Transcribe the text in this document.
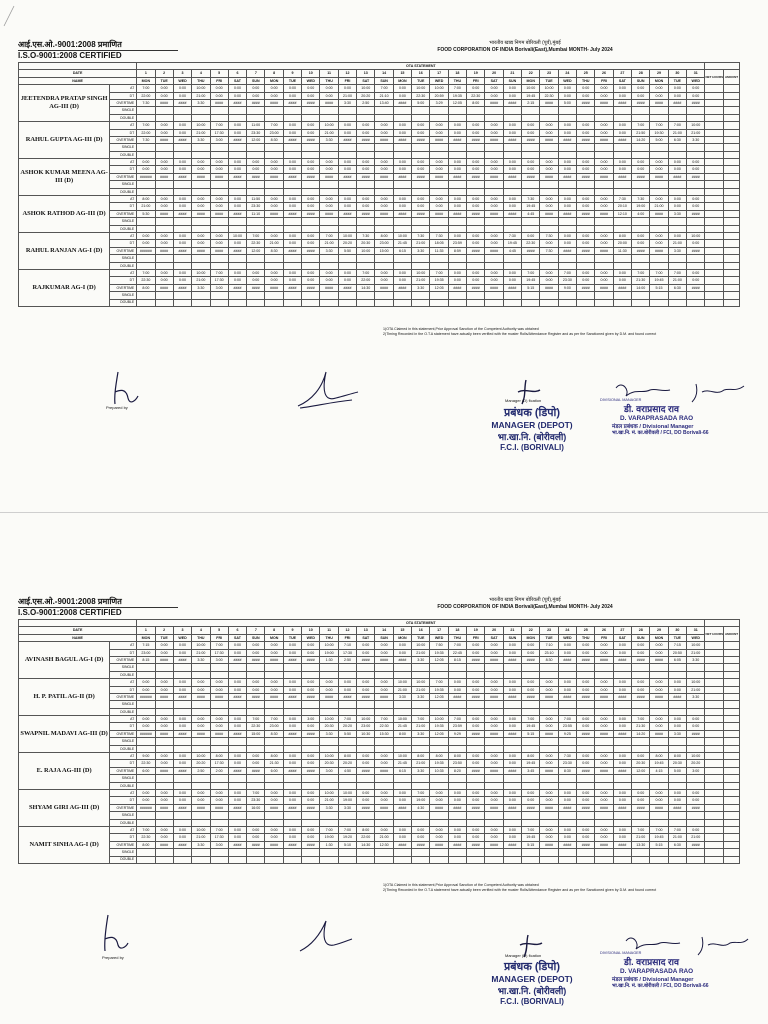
आई.एस.ओ.-9001:2008 प्रमाणित
I.S.O-9001:2008 CERTIFIED
भारतीय खाद्य निगम बोरिवली (पूर्व),मुंबई
FOOD CORPORATION OF INDIA Borivali(East),Mumbai MONTH- July 2024
		OTA STATEMENT																																
DATE		1	2	3	4	5	6	7	8	9	10	11	12	13	14	15	16	17	18	19	20	21	22	23	24	25	26	27	28	29	30	31	NET HOURS	AMOUNT
NAME		MON	TUE	WED	THU	FRI	SAT	SUN	MON	TUE	WED	THU	FRI	SAT	SUN	MON	TUE	WED	THU	FRI	SAT	SUN	MON	TUE	WED	THU	FRI	SAT	SUN	MON	TUE	WED		
JEETENDRA PRATAP SINGH AG-III (D)	AT	7:00	0:00	0:00	10:00	0:00	0:00	0:00	0:00	0:00	0:00	0:00	0:00	10:00	7:00	0:00	10:00	10:00	7:00	0:00	0:00	0:00	10:00	10:00	0:00	0:00	0:00	0:00	0:00	0:00	0:00	0:00		
	DT	22:00	0:00	0:00	21:00	0:00	0:00	0:00	0:00	0:00	0:00	0:00	21:00	20:20	21:10	0:00	22:30	20:59	19:35	22:30	0:00	0:00	19:45	22:30	0:00	0:00	0:00	0:00	0:00	0:00	0:00	0:00		
	OVERTIME	7:30	####	####	3:30	####	####	####	####	####	####	####	3:30	2:50	13:40	####	5:00	3:29	12:05	8:00	####	####	2:15	####	5:00	####	####	####	####	####	####	####		
	SINGLE																																	
	DOUBLE																																	
RAHUL GUPTA AG-III (D)	AT	7:00	0:00	0:00	10:00	7:00	0:00	11:00	7:00	0:00	0:00	10:00	0:00	0:00	0:00	0:00	0:00	0:00	0:00	0:00	0:00	0:00	0:00	0:00	0:00	0:00	0:00	0:00	7:00	7:00	7:00	10:00		
	DT	22:00	0:00	0:00	21:00	17:30	0:00	23:30	23:00	0:00	0:00	21:00	0:00	0:00	0:00	0:00	0:00	0:00	0:00	0:00	0:00	0:00	0:00	0:00	0:00	0:00	0:00	0:00	21:50	19:30	21:00	21:00		
	OVERTIME	7:30	####	####	3:30	3:00	####	12:00	8:30	####	####	3:30	####	####	####	####	####	####	####	####	####	####	####	####	####	####	####	####	14:20	5:00	6:30	3:30		
	SINGLE																																	
	DOUBLE																																	
ASHOK KUMAR MEENA AG-III (D)	AT	0:00	0:00	0:00	0:00	0:00	0:00	0:00	0:00	0:00	0:00	0:00	0:00	0:00	0:00	0:00	0:00	0:00	0:00	0:00	0:00	0:00	0:00	0:00	0:00	0:00	0:00	0:00	0:00	0:00	0:00	0:00		
	DT	0:00	0:00	0:00	0:00	0:00	0:00	0:00	0:00	0:00	0:00	0:00	0:00	0:00	0:00	0:00	0:00	0:00	0:00	0:00	0:00	0:00	0:00	0:00	0:00	0:00	0:00	0:00	0:00	0:00	0:00	0:00		
	OVERTIME	######	####	####	####	####	####	####	####	####	####	####	####	####	####	####	####	####	####	####	####	####	####	####	####	####	####	####	####	####	####	####		
	SINGLE																																	
	DOUBLE																																	
ASHOK RATHOD AG-III (D)	AT	8:00	0:00	0:00	0:00	0:00	0:00	11:50	0:00	0:00	0:00	0:00	0:00	0:00	0:00	0:00	0:00	0:00	0:00	0:00	0:00	0:00	7:30	0:00	0:00	0:00	0:00	7:30	7:30	0:00	0:00	0:00		
	DT	21:00	0:00	0:00	0:00	0:00	0:00	23:30	0:00	0:00	0:00	0:00	0:00	0:00	0:00	0:00	0:00	0:00	0:00	0:00	0:00	0:00	19:45	0:00	0:00	0:00	0:00	20:10	19:00	21:00	0:00	0:00		
	OVERTIME	5:30	####	####	####	####	####	11:10	####	####	####	####	####	####	####	####	####	####	####	####	####	####	4:45	####	####	####	####	12:10	4:00	####	3:30	####		
	SINGLE																																	
	DOUBLE																																	
RAHUL RANJAN AG-I (D)	AT	0:00	0:00	0:00	0:00	0:00	10:00	7:00	0:00	0:00	0:00	7:00	10:00	7:30	8:00	10:00	7:30	7:30	0:00	0:00	0:00	7:30	0:00	7:30	0:00	0:00	0:00	8:00	0:00	0:00	0:00	10:00		
	DT	0:00	0:00	0:00	0:00	0:00	0:00	22:30	21:00	0:00	0:00	21:00	20:20	20:30	23:00	21:45	21:00	18:05	23:59	0:00	0:00	19:45	22:30	0:00	0:00	0:00	0:00	20:00	0:00	0:00	21:00	0:00		
	OVERTIME	######	####	####	####	####	####	12:00	8:30	####	####	3:30	5:50	10:00	15:00	6:15	3:30	11:35	8:59	####	####	4:45	####	7:30	####	####	####	11:30	####	####	3:30	####		
	SINGLE																																	
	DOUBLE																																	
RAJKUMAR AG-I (D)	AT	7:00	0:00	0:00	10:00	7:00	0:00	0:00	0:00	0:00	0:00	0:00	0:00	7:00	0:00	0:00	10:00	7:00	0:00	0:00	0:00	0:00	7:00	0:00	7:00	0:00	0:00	0:00	7:00	7:00	7:00	0:00		
	DT	22:30	0:00	0:00	21:00	17:30	0:00	0:00	0:00	0:00	0:00	0:00	0:00	22:00	0:00	0:00	21:00	19:35	0:00	0:00	0:00	0:00	19:45	0:00	23:30	0:00	0:00	0:00	21:30	19:45	21:00	0:00		
	OVERTIME	8:00	####	####	3:30	3:00	####	####	####	####	####	####	####	14:30	####	####	3:30	12:05	####	####	####	####	5:15	####	9:00	####	####	####	14:00	5:15	6:30	####		
	SINGLE																																	
	DOUBLE																																	
1)OTA Claimed in this statement,Prior Approval Sanction of the Competent Authority was obtained
2)Timing Recorded in the O.T.A statement have actually been verified with the muster Rolls/Attendance Register and as per the Sanctioned given by D.M. and found correct
Prepared by
Manager (D) fication
प्रबंधक (डिपो)
MANAGER (DEPOT)
भा.खा.नि. (बोरीवली)
F.C.I. (BORIVALI)
DIVISIONAL MANAGER
डी. वराप्रसाद राव
D. VARAPRASADA RAO
मंडल प्रबंधक / Divisional Manager
भा.खा.नि. मं. का.बोरीवली / FCI, DO Borivali-66
आई.एस.ओ.-9001:2008 प्रमाणित
I.S.O-9001:2008 CERTIFIED
भारतीय खाद्य निगम बोरिवली (पूर्व),मुंबई
FOOD CORPORATION OF INDIA Borivali(East),Mumbai MONTH- July 2024
		OTA STATEMENT																																
DATE		1	2	3	4	5	6	7	8	9	10	11	12	13	14	15	16	17	18	19	20	21	22	23	24	25	26	27	28	29	30	31	NET HOURS	AMOUNT
NAME		MON	TUE	WED	THU	FRI	SAT	SUN	MON	TUE	WED	THU	FRI	SAT	SUN	MON	TUE	WED	THU	FRI	SAT	SUN	MON	TUE	WED	THU	FRI	SAT	SUN	MON	TUE	WED		
AVINASH BAGUL AG-I (D)	AT	7:15	0:00	0:00	10:00	7:00	0:00	0:00	0:00	0:00	0:00	10:00	7:10	0:00	0:00	0:00	10:00	7:50	7:00	0:00	0:00	0:00	0:00	7:10	0:00	0:00	0:00	0:00	0:00	0:00	7:15	10:00		
	DT	23:00	0:00	0:00	21:00	17:30	0:00	0:00	0:00	0:00	0:00	19:00	17:30	0:00	0:00	0:00	21:00	19:35	22:45	0:00	0:00	0:00	0:00	23:10	0:00	0:00	0:00	0:00	0:00	0:00	20:50	21:00		
	OVERTIME	8:15	####	####	3:30	3:00	####	####	####	####	####	1:30	2:50	####	####	####	3:30	12:05	8:15	####	####	####	####	8:30	####	####	####	####	####	####	6:05	3:30		
	SINGLE																																	
	DOUBLE																																	
H. P. PATIL AG-II (D)	AT	0:00	0:00	0:00	0:00	0:00	0:00	0:00	0:00	0:00	0:00	0:00	0:00	0:00	0:00	10:00	10:00	7:00	0:00	0:00	0:00	0:00	0:00	0:00	0:00	0:00	0:00	0:00	0:00	0:00	0:00	10:00		
	DT	0:00	0:00	0:00	0:00	0:00	0:00	0:00	0:00	0:00	0:00	0:00	0:00	0:00	0:00	21:00	21:00	19:35	0:00	0:00	0:00	0:00	0:00	0:00	0:00	0:00	0:00	0:00	0:00	0:00	0:00	21:00		
	OVERTIME	######	####	####	####	####	####	####	####	####	####	####	####	####	####	3:30	3:30	12:05	####	####	####	####	####	####	####	####	####	####	####	####	####	3:30		
	SINGLE																																	
	DOUBLE																																	
SWAPNIL MADAVI AG-III (D)	AT	0:00	0:00	0:00	0:00	0:00	0:00	7:00	7:00	0:00	3:00	10:00	7:00	10:00	7:00	10:00	7:00	10:00	7:00	0:00	0:00	0:00	7:00	0:00	7:00	0:00	0:00	0:00	7:00	0:00	0:00	0:00		
	DT	0:00	0:00	0:00	0:00	0:00	0:00	22:30	23:00	0:00	0:00	20:30	20:20	23:00	22:30	21:45	21:00	19:35	23:59	0:00	0:00	0:00	19:45	0:00	23:55	0:00	0:00	0:00	21:30	0:00	0:00	0:00		
	OVERTIME	######	####	####	####	####	####	15:00	8:30	####	####	3:30	5:50	10:30	15:30	8:00	3:30	12:05	9:29	####	####	####	5:15	####	9:25	####	####	####	14:20	####	3:30	####		
	SINGLE																																	
	DOUBLE																																	
E. RAJA AG-III (D)	AT	9:00	0:00	0:00	10:00	8:00	0:00	0:00	8:00	0:00	0:00	10:00	8:00	0:00	0:00	10:00	8:00	8:00	8:00	0:00	0:00	0:00	8:00	0:00	7:30	0:00	0:00	0:00	0:00	8:00	8:00	10:00		
	DT	22:30	0:00	0:00	20:20	17:30	0:00	0:00	21:30	0:00	0:00	20:30	20:20	0:00	0:00	21:45	21:00	19:35	23:50	0:00	0:00	0:00	19:45	0:00	23:30	0:00	0:00	0:00	20:30	19:45	20:30	20:20		
	OVERTIME	6:00	####	####	2:50	2:00	####	####	6:00	####	####	3:00	4:50	####	####	6:15	3:30	10:35	8:20	####	####	####	3:45	####	8:30	####	####	####	12:00	4:15	5:00	3:00		
	SINGLE																																	
	DOUBLE																																	
SHYAM GIRI AG-III (D)	AT	0:00	0:00	0:00	0:00	0:00	0:00	7:00	0:00	0:00	0:00	10:00	10:00	0:00	0:00	0:00	7:00	0:00	0:00	0:00	0:00	0:00	0:00	0:00	0:00	0:00	0:00	0:00	0:00	0:00	0:00	0:00		
	DT	0:00	0:00	0:00	0:00	0:00	0:00	23:30	0:00	0:00	0:00	21:00	19:00	0:00	0:00	0:00	19:00	0:00	0:00	0:00	0:00	0:00	0:00	0:00	0:00	0:00	0:00	0:00	0:00	0:00	0:00	0:00		
	OVERTIME	######	####	####	####	####	####	16:00	####	####	####	3:30	3:30	####	####	####	4:30	####	####	####	####	####	####	####	####	####	####	####	####	####	####	####		
	SINGLE																																	
	DOUBLE																																	
NAMIT SINHA AG-I (D)	AT	7:00	0:00	0:00	10:00	7:00	0:00	0:00	0:00	0:00	0:00	7:00	7:00	8:00	0:00	0:00	0:00	0:00	0:00	0:00	0:00	0:00	7:00	0:00	0:00	0:00	0:00	0:00	7:00	7:00	7:00	0:00		
	DT	22:30	0:00	0:00	21:00	17:30	0:00	0:00	0:00	0:00	0:00	19:00	19:20	22:00	21:00	0:00	0:00	0:00	0:00	0:00	0:00	0:00	19:45	0:00	0:00	0:00	0:00	0:00	21:00	19:45	21:00	21:00		
	OVERTIME	8:00	####	####	3:30	3:00	####	####	####	####	####	1:30	5:10	14:30	12:30	####	####	####	####	####	####	####	5:15	####	####	####	####	####	13:30	5:15	6:30	####		
	SINGLE																																	
	DOUBLE																																	
1)OTA Claimed in this statement,Prior Approval Sanction of the Competent Authority was obtained
2)Timing Recorded in the O.T.A statement have actually been verified with the muster Rolls/Attendance Register and as per the Sanctioned given by D.M. and found correct
Prepared by	Manager (D) fication
प्रबंधक (डिपो)
MANAGER (DEPOT)
भा.खा.नि. (बोरीवली)
F.C.I. (BORIVALI)
DIVISIONAL MANAGER
डी. वराप्रसाद राव
D. VARAPRASADA RAO
मंडल प्रबंधक / Divisional Manager
भा.खा.नि. मं. का.बोरीवली / FCI, DO Borivali-66
